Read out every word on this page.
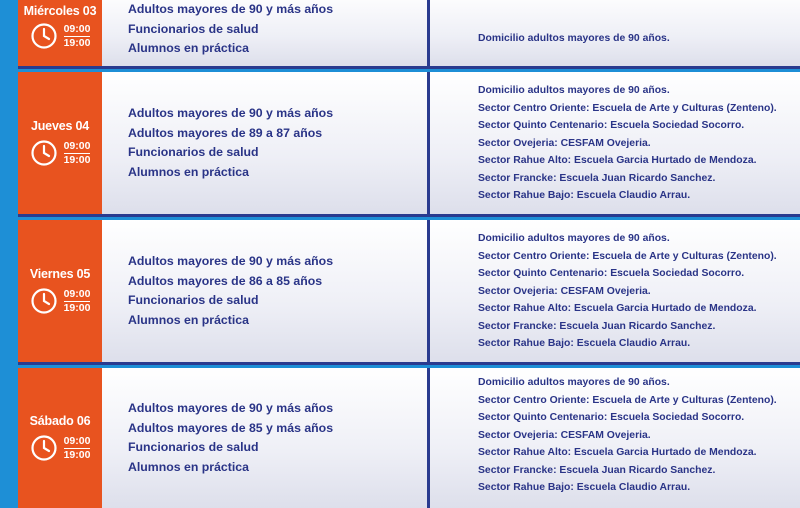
Miércoles 03
09:00
19:00
Adultos mayores de 90 y más años
Funcionarios de salud
Alumnos en práctica
Domicilio adultos mayores de 90 años.
Jueves 04
09:00
19:00
Adultos mayores de 90 y más años
Adultos mayores de 89 a 87 años
Funcionarios de salud
Alumnos en práctica
Domicilio adultos mayores de 90 años.
Sector Centro Oriente: Escuela de Arte y Culturas (Zenteno).
Sector Quinto Centenario: Escuela Sociedad Socorro.
Sector Ovejeria: CESFAM Ovejeria.
Sector Rahue Alto: Escuela Garcia Hurtado de Mendoza.
Sector Francke: Escuela Juan Ricardo Sanchez.
Sector Rahue Bajo: Escuela Claudio Arrau.
Viernes 05
09:00
19:00
Adultos mayores de 90 y más años
Adultos mayores de 86 a 85 años
Funcionarios de salud
Alumnos en práctica
Domicilio adultos mayores de 90 años.
Sector Centro Oriente: Escuela de Arte y Culturas (Zenteno).
Sector Quinto Centenario: Escuela Sociedad Socorro.
Sector Ovejeria: CESFAM Ovejeria.
Sector Rahue Alto: Escuela Garcia Hurtado de Mendoza.
Sector Francke: Escuela Juan Ricardo Sanchez.
Sector Rahue Bajo: Escuela Claudio Arrau.
Sábado 06
09:00
19:00
Adultos mayores de 90 y más años
Adultos mayores de 85 y más años
Funcionarios de salud
Alumnos en práctica
Domicilio adultos mayores de 90 años.
Sector Centro Oriente: Escuela de Arte y Culturas (Zenteno).
Sector Quinto Centenario: Escuela Sociedad Socorro.
Sector Ovejeria: CESFAM Ovejeria.
Sector Rahue Alto: Escuela Garcia Hurtado de Mendoza.
Sector Francke: Escuela Juan Ricardo Sanchez.
Sector Rahue Bajo: Escuela Claudio Arrau.
